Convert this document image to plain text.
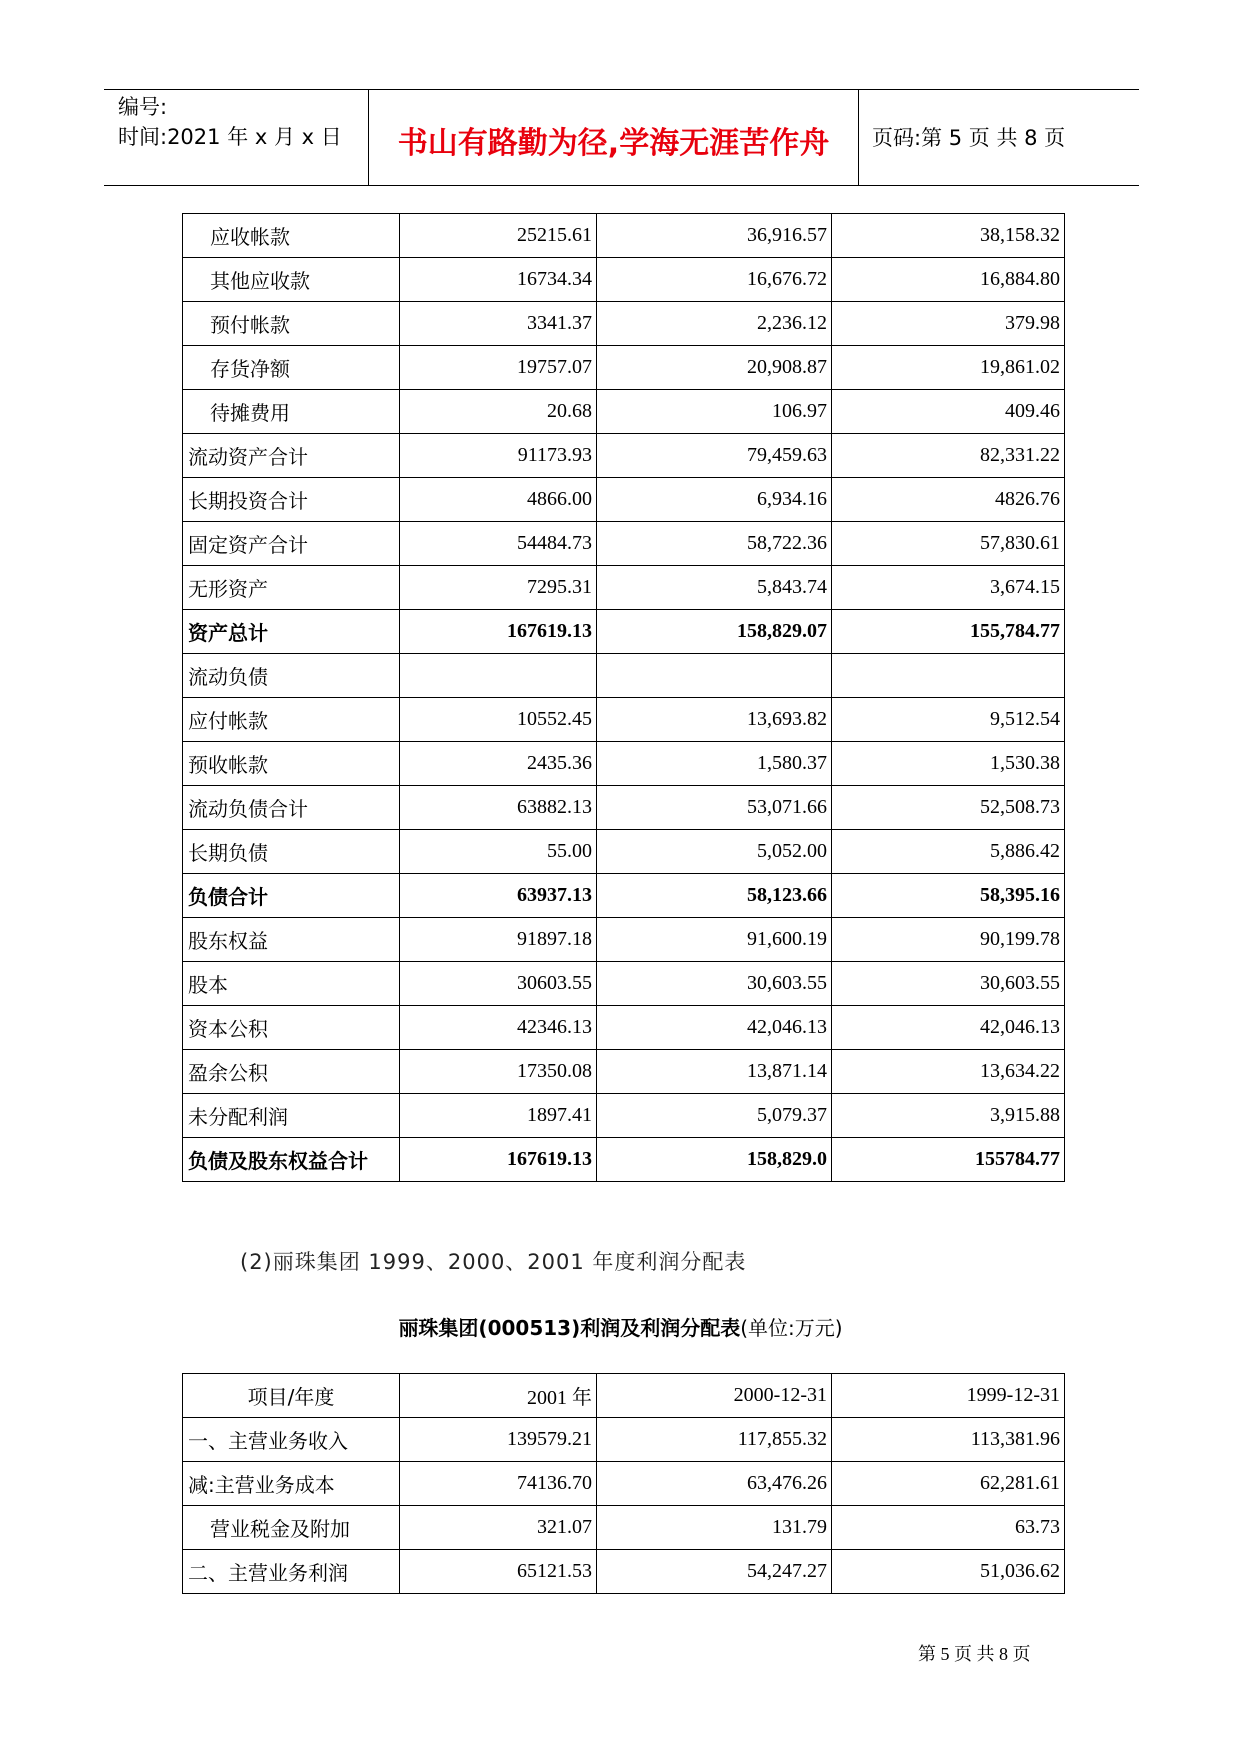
编号:
时间:2021 年 x 月 x 日	书山有路勤为径,学海无涯苦作舟	页码:第 5 页 共 8 页
应收帐款	25215.61	36,916.57	38,158.32
其他应收款	16734.34	16,676.72	16,884.80
预付帐款	3341.37	2,236.12	379.98
存货净额	19757.07	20,908.87	19,861.02
待摊费用	20.68	106.97	409.46
流动资产合计	91173.93	79,459.63	82,331.22
长期投资合计	4866.00	6,934.16	4826.76
固定资产合计	54484.73	58,722.36	57,830.61
无形资产	7295.31	5,843.74	3,674.15
资产总计	167619.13	158,829.07	155,784.77
流动负债			
应付帐款	10552.45	13,693.82	9,512.54
预收帐款	2435.36	1,580.37	1,530.38
流动负债合计	63882.13	53,071.66	52,508.73
长期负债	55.00	5,052.00	5,886.42
负债合计	63937.13	58,123.66	58,395.16
股东权益	91897.18	91,600.19	90,199.78
股本	30603.55	30,603.55	30,603.55
资本公积	42346.13	42,046.13	42,046.13
盈余公积	17350.08	13,871.14	13,634.22
未分配利润	1897.41	5,079.37	3,915.88
负债及股东权益合计	167619.13	158,829.0	155784.77
(2)丽珠集团 1999、2000、2001 年度利润分配表
丽珠集团(000513)利润及利润分配表(单位:万元)
项目/年度	2001 年	2000-12-31	1999-12-31
一、主营业务收入	139579.21	117,855.32	113,381.96
减:主营业务成本	74136.70	63,476.26	62,281.61
营业税金及附加	321.07	131.79	63.73
二、主营业务利润	65121.53	54,247.27	51,036.62
第 5 页 共 8 页
